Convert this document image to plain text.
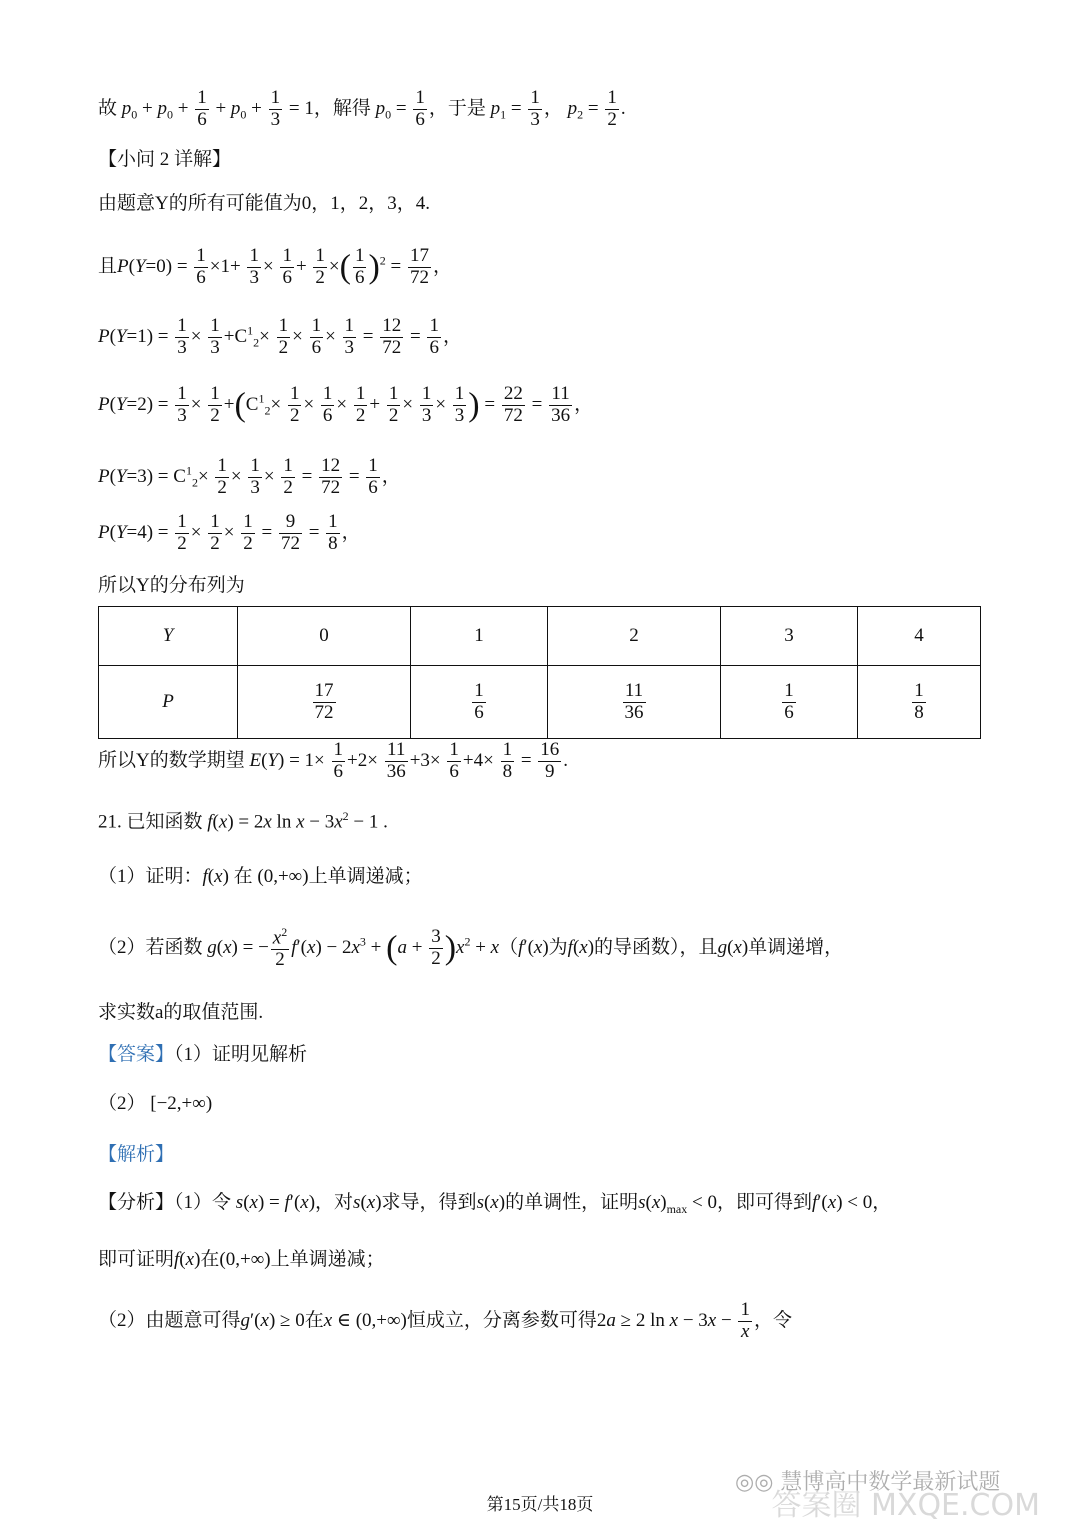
故 $p_0 + p_0 + \frac{1}{6} + p_0 + \frac{1}{3} = 1$，解得 $p_0 = \frac{1}{6}$ ，于是 $p_1 = \frac{1}{3}$ ， $p_2 = \frac{1}{2}$ .
【小问 2 详解】
由题意Y的所有可能值为0，1，2，3，4.
且$P(Y=0) = \frac{1}{6} \times 1+ \frac{1}{3} \times \frac{1}{6} + \frac{1}{2}$ ×( $\frac{1}{6} )^2 = \frac{17}{72}$ ，
$P(Y=1) = \frac{1}{3} \times \frac{1}{3} +C^1_2\times \frac{1}{2} \times \frac{1}{6} \times \frac{1}{3} = \frac{12}{72} = \frac{1}{6}$ ，
$P(Y=2) = \frac{1}{3} \times \frac{1}{2} +(C^1_2\times \frac{1}{2} \times \frac{1}{6} \times \frac{1}{2} + \frac{1}{2} \times \frac{1}{3} \times \frac{1}{3}$ ) = $\frac{22}{72} = \frac{11}{36}$ ，
$P(Y=3) = C^1_2\times \frac{1}{2} \times \frac{1}{3} \times \frac{1}{2} = \frac{12}{72} = \frac{1}{6}$ ，
$P(Y=4) = \frac{1}{2} \times \frac{1}{2} \times \frac{1}{2} = \frac{9}{72} = \frac{1}{8}$ ，
所以Y的分布列为
Y	0	1	2	3	4
P	$\frac{17}{72}$	$\frac{1}{6}$	$\frac{11}{36}$	$\frac{1}{6}$	$\frac{1}{8}$
所以Y的数学期望 $E(Y) = 1\times \frac{1}{6} +2\times \frac{11}{36} +3\times \frac{1}{6} +4\times \frac{1}{8} = \frac{16}{9}$ .
21. 已知函数 f(x) = 2x $\ln x - 3x^2 - 1$ .
（1）证明：f(x) 在 (0,+∞)上单调递减；
（2）若函数 g(x) = − $\frac{x^2}{2} f'(x) - 2x^3 + (a + \frac{3}{2} )x^2 + x(f'(x)$为f(x)的导函数），且g(x)单调递增，
求实数a的取值范围.
【答案】（1）证明见解析
（2） [−2,+∞)
【解析】
【分析】（1）令 s(x) = f′(x)，对s(x)求导，得到s(x)的单调性，证明$s(x)_{max} < 0$，即可得到f′(x) < 0，
即可证明f(x)在(0,+∞)上单调递减；
（2）由题意可得g′(x) ≥ 0在x ∈ (0,+∞)恒成立，分离参数可得2a ≥ 2 $\ln x - 3x - \frac{1}{x}$ ，令
◎◎ 慧博高中数学最新试题
答案圈 MXQE.COM
第15页/共18页
